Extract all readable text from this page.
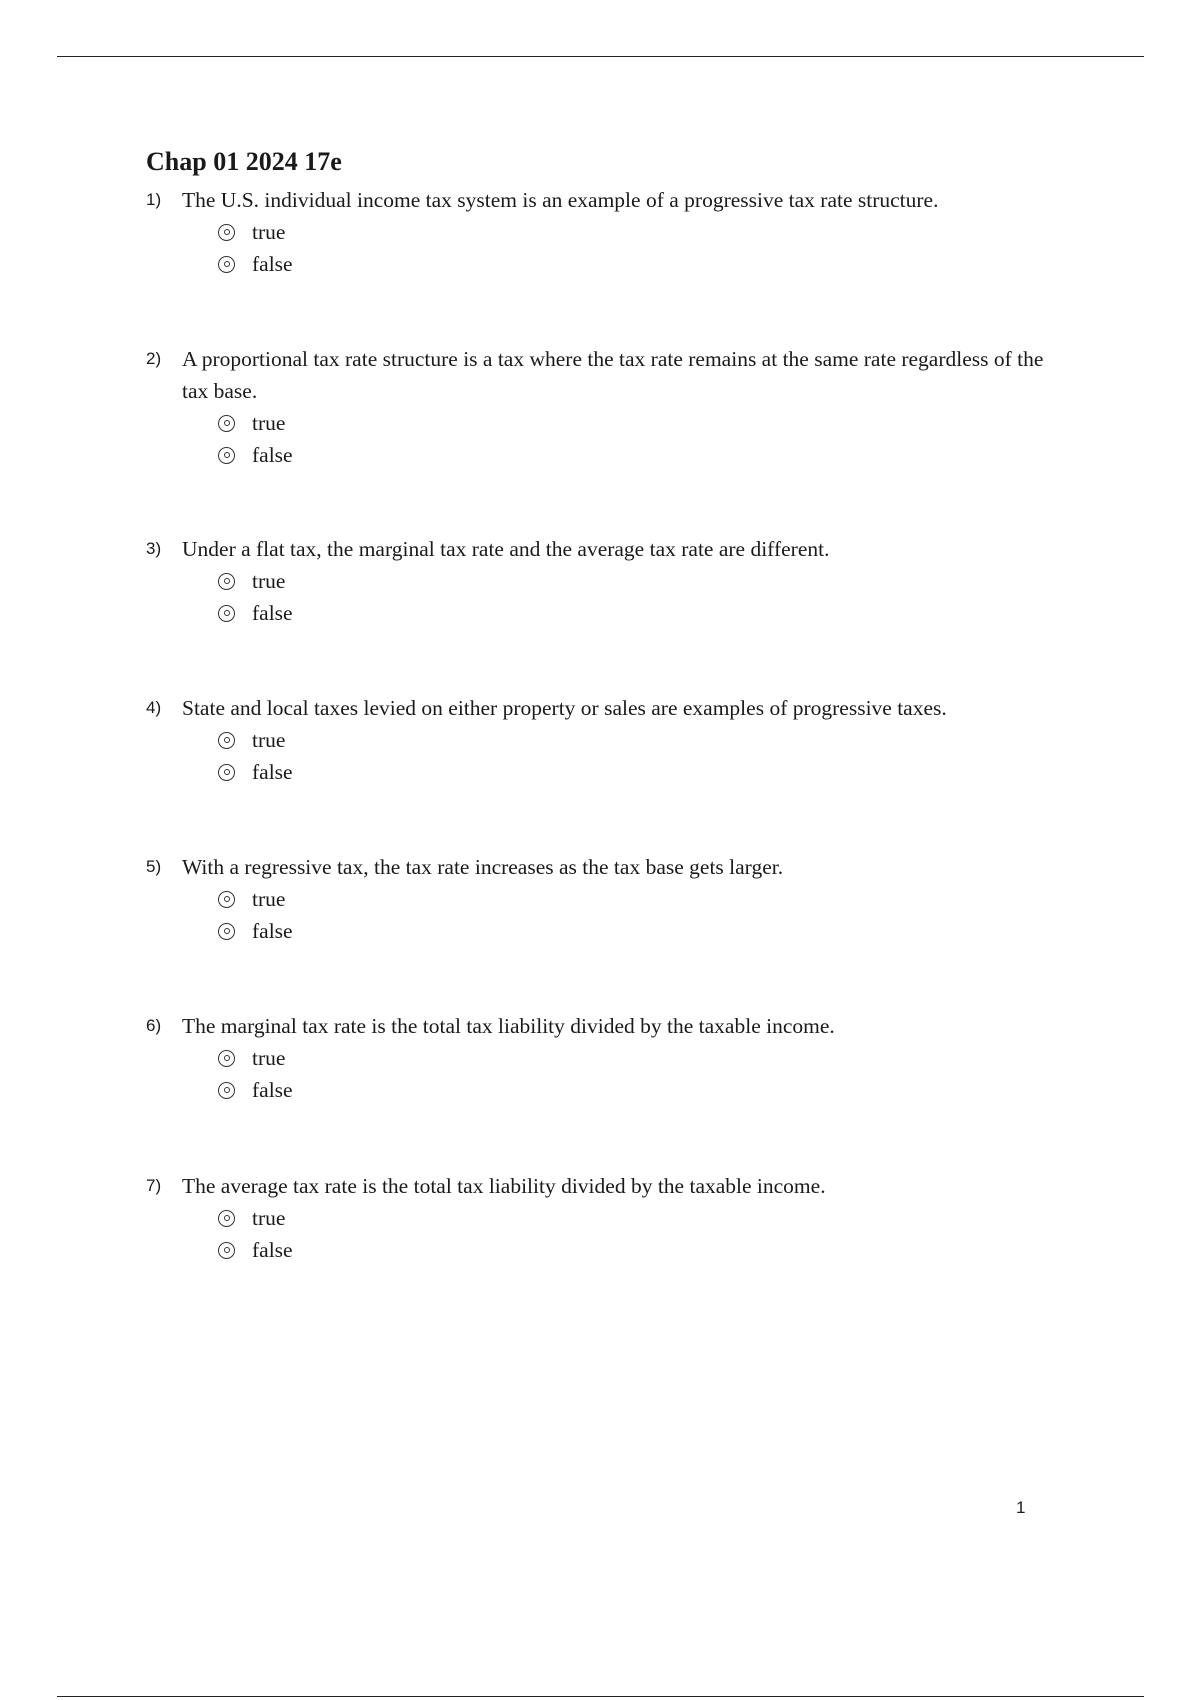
Chap 01 2024 17e
1) The U.S. individual income tax system is an example of a progressive tax rate structure.
true
false
2) A proportional tax rate structure is a tax where the tax rate remains at the same rate regardless of the tax base.
true
false
3) Under a flat tax, the marginal tax rate and the average tax rate are different.
true
false
4) State and local taxes levied on either property or sales are examples of progressive taxes.
true
false
5) With a regressive tax, the tax rate increases as the tax base gets larger.
true
false
6) The marginal tax rate is the total tax liability divided by the taxable income.
true
false
7) The average tax rate is the total tax liability divided by the taxable income.
true
false
1
